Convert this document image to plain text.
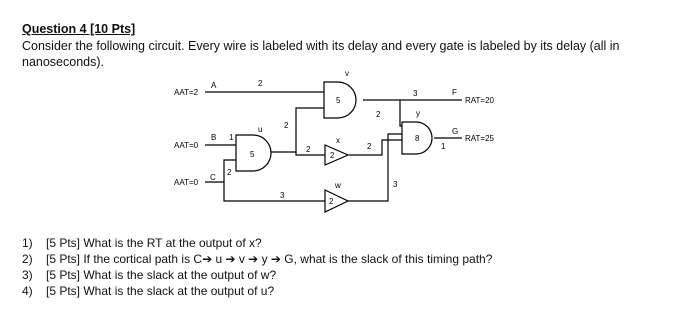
Question 4 [10 Pts]

Consider the following circuit. Every wire is labeled with its delay and every gate is labeled by its delay (all in nanoseconds).

AAT=2
A
AAT=0
B
AAT=0
C
v
5
u
5
x
2
w
2
y
8
2
1
2
2
2
3
2
3
3
1
2
F
G
RAT=20
RAT=25
1) [5 Pts] What is the RT at the output of x?
2) [5 Pts] If the cortical path is C➔ u ➔ v ➔ y ➔ G, what is the slack of this timing path?
3) [5 Pts] What is the slack at the output of w?
4) [5 Pts] What is the slack at the output of u?
